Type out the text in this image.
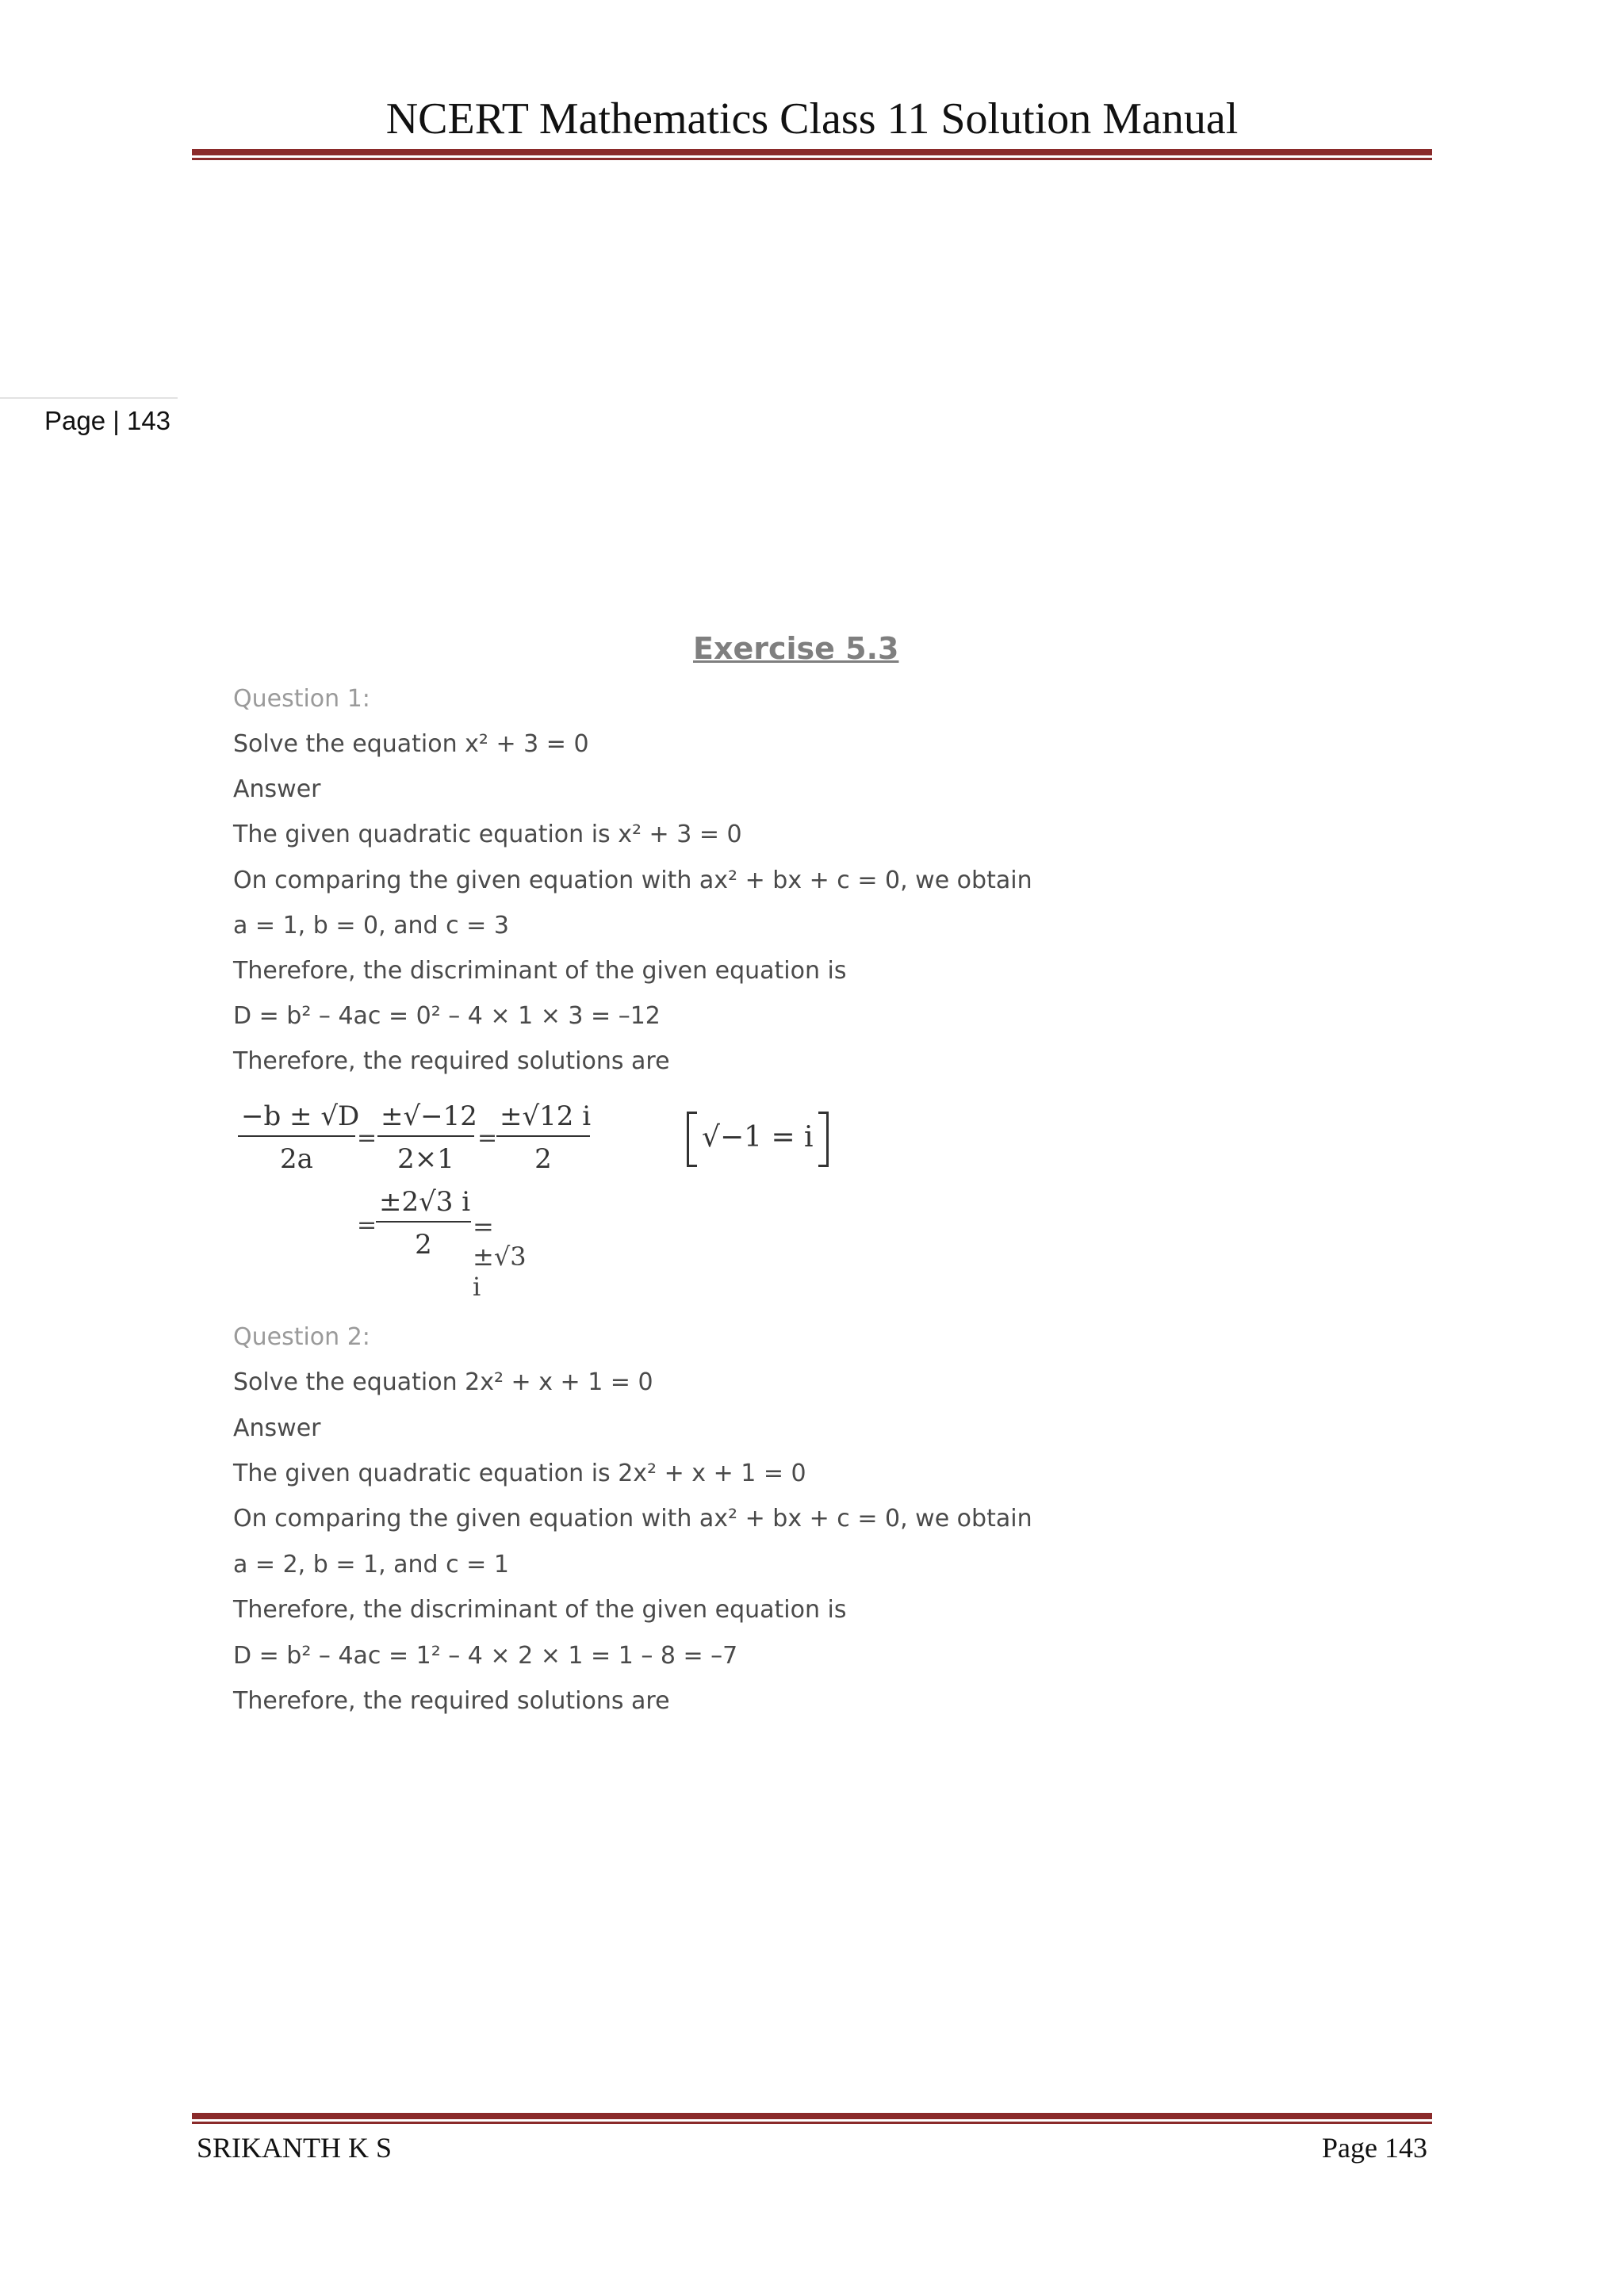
NCERT Mathematics Class 11 Solution Manual
Page | 143
Exercise 5.3
Question 1:
Solve the equation x² + 3 = 0
Answer
The given quadratic equation is x² + 3 = 0
On comparing the given equation with ax² + bx + c = 0, we obtain
a = 1, b = 0, and c = 3
Therefore, the discriminant of the given equation is
D = b² – 4ac = 0² – 4 × 1 × 3 = –12
Therefore, the required solutions are
$\frac{-b \pm √D}{2a} = \frac{\pm√-12}{2\times 1}$ =
$\frac{\pm√12 i}{2}$	√−1 = i
=
$\frac{\pm 2√3 i}{2} = \pm√3$ i
Question 2:
Solve the equation 2x² + x + 1 = 0
Answer
The given quadratic equation is 2x² + x + 1 = 0
On comparing the given equation with ax² + bx + c = 0, we obtain
a = 2, b = 1, and c = 1
Therefore, the discriminant of the given equation is
D = b² – 4ac = 1² – 4 × 2 × 1 = 1 – 8 = –7
Therefore, the required solutions are
SRIKANTH K S	Page 143
